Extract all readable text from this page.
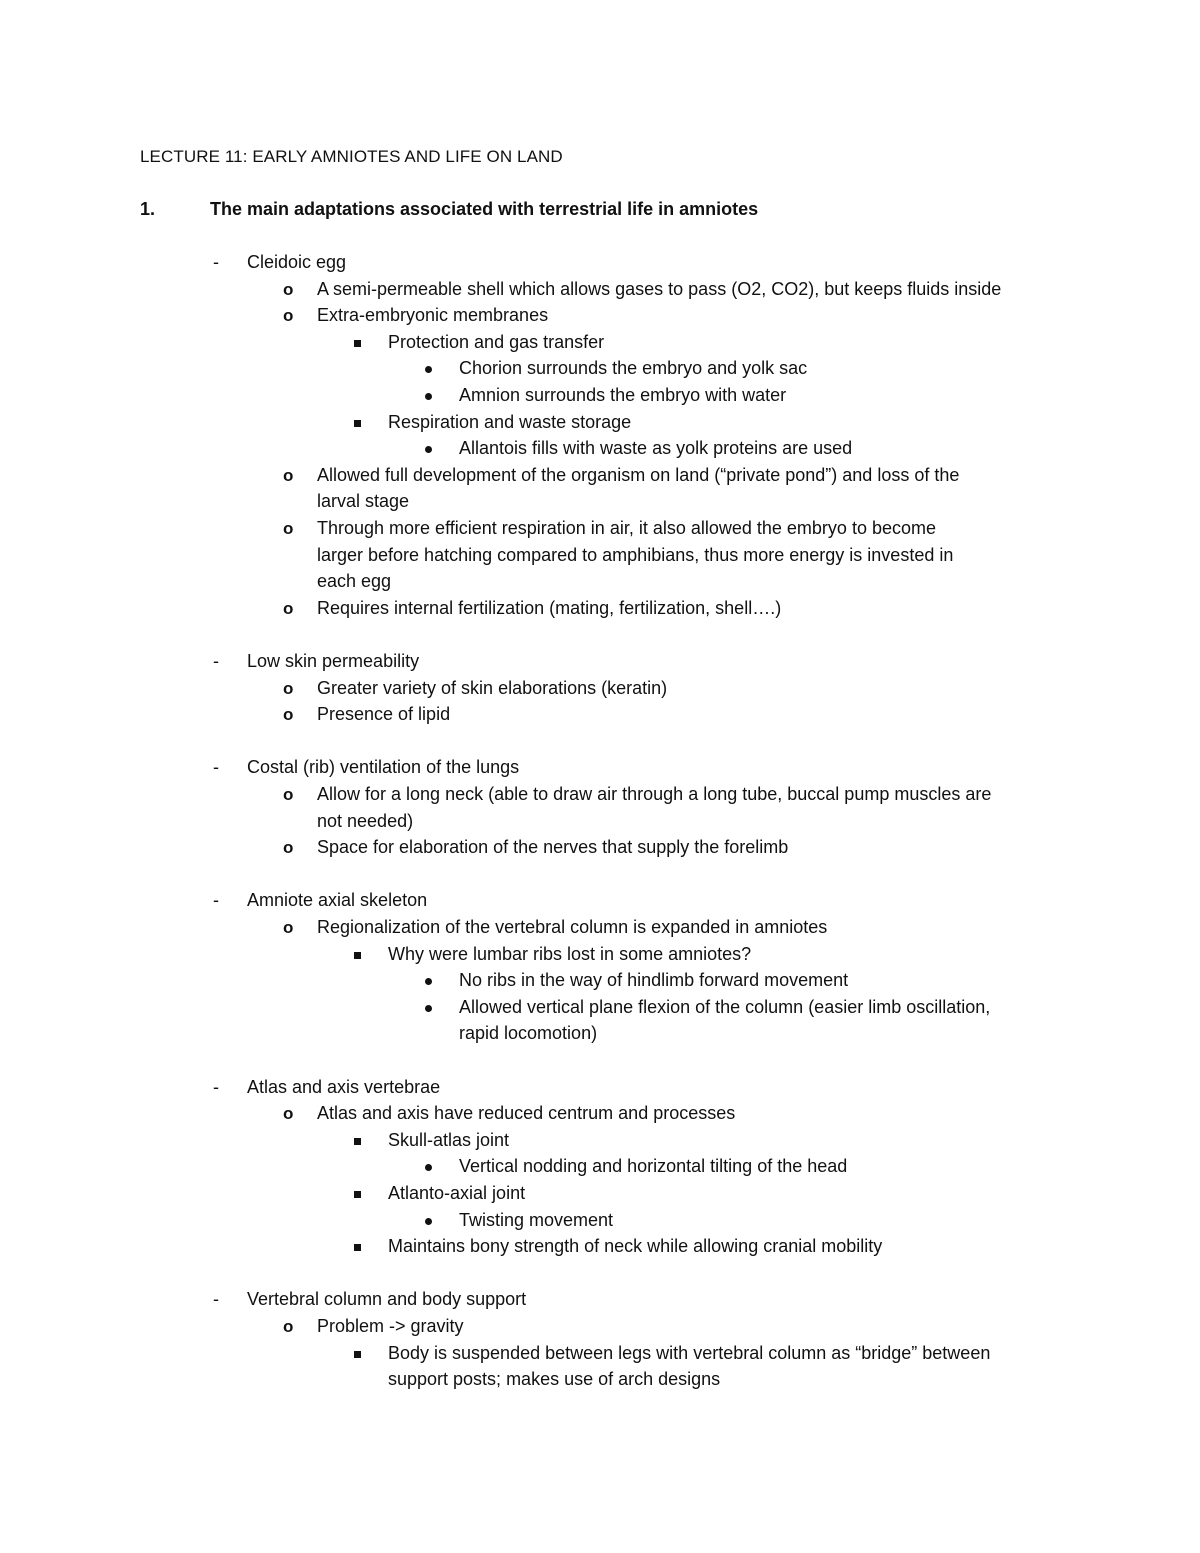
LECTURE 11: EARLY AMNIOTES AND LIFE ON LAND
1.	The main adaptations associated with terrestrial life in amniotes
-	Cleidoic egg
o A semi-permeable shell which allows gases to pass (O2, CO2), but keeps fluids inside
o Extra-embryonic membranes
Protection and gas transfer
Chorion surrounds the embryo and yolk sac
Amnion surrounds the embryo with water
Respiration and waste storage
Allantois fills with waste as yolk proteins are used
o Allowed full development of the organism on land (“private pond”) and loss of the
larval stage
o Through more efficient respiration in air, it also allowed the embryo to become
larger before hatching compared to amphibians, thus more energy is invested in
each egg
o Requires internal fertilization (mating, fertilization, shell….)
-	Low skin permeability
o Greater variety of skin elaborations (keratin)
o Presence of lipid
-	Costal (rib) ventilation of the lungs
o Allow for a long neck (able to draw air through a long tube, buccal pump muscles are
not needed)
o Space for elaboration of the nerves that supply the forelimb
-	Amniote axial skeleton
o Regionalization of the vertebral column is expanded in amniotes
Why were lumbar ribs lost in some amniotes?
No ribs in the way of hindlimb forward movement
Allowed vertical plane flexion of the column (easier limb oscillation,
rapid locomotion)
-	Atlas and axis vertebrae
o Atlas and axis have reduced centrum and processes
Skull-atlas joint
Vertical nodding and horizontal tilting of the head
Atlanto-axial joint
Twisting movement
Maintains bony strength of neck while allowing cranial mobility
-	Vertebral column and body support
o Problem -> gravity
Body is suspended between legs with vertebral column as “bridge” between
support posts; makes use of arch designs
